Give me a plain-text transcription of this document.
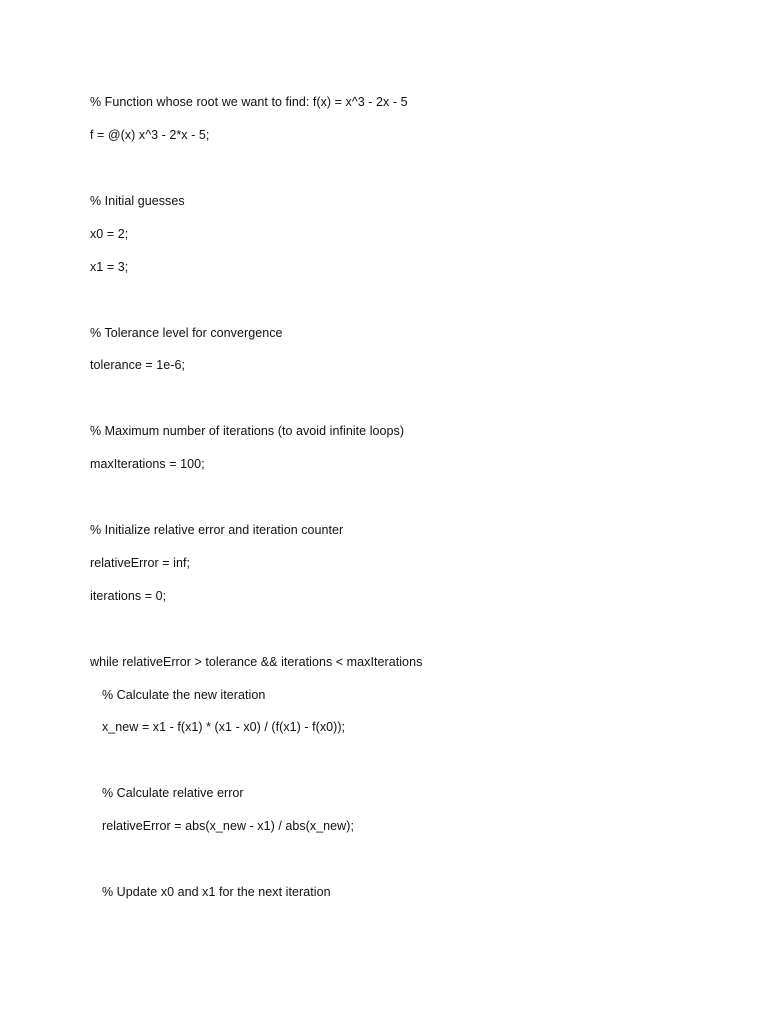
% Function whose root we want to find: f(x) = x^3 - 2x - 5
f = @(x) x^3 - 2*x - 5;
% Initial guesses
x0 = 2;
x1 = 3;
% Tolerance level for convergence
tolerance = 1e-6;
% Maximum number of iterations (to avoid infinite loops)
maxIterations = 100;
% Initialize relative error and iteration counter
relativeError = inf;
iterations = 0;
while relativeError > tolerance && iterations < maxIterations
% Calculate the new iteration
x_new = x1 - f(x1) * (x1 - x0) / (f(x1) - f(x0));
% Calculate relative error
relativeError = abs(x_new - x1) / abs(x_new);
% Update x0 and x1 for the next iteration
